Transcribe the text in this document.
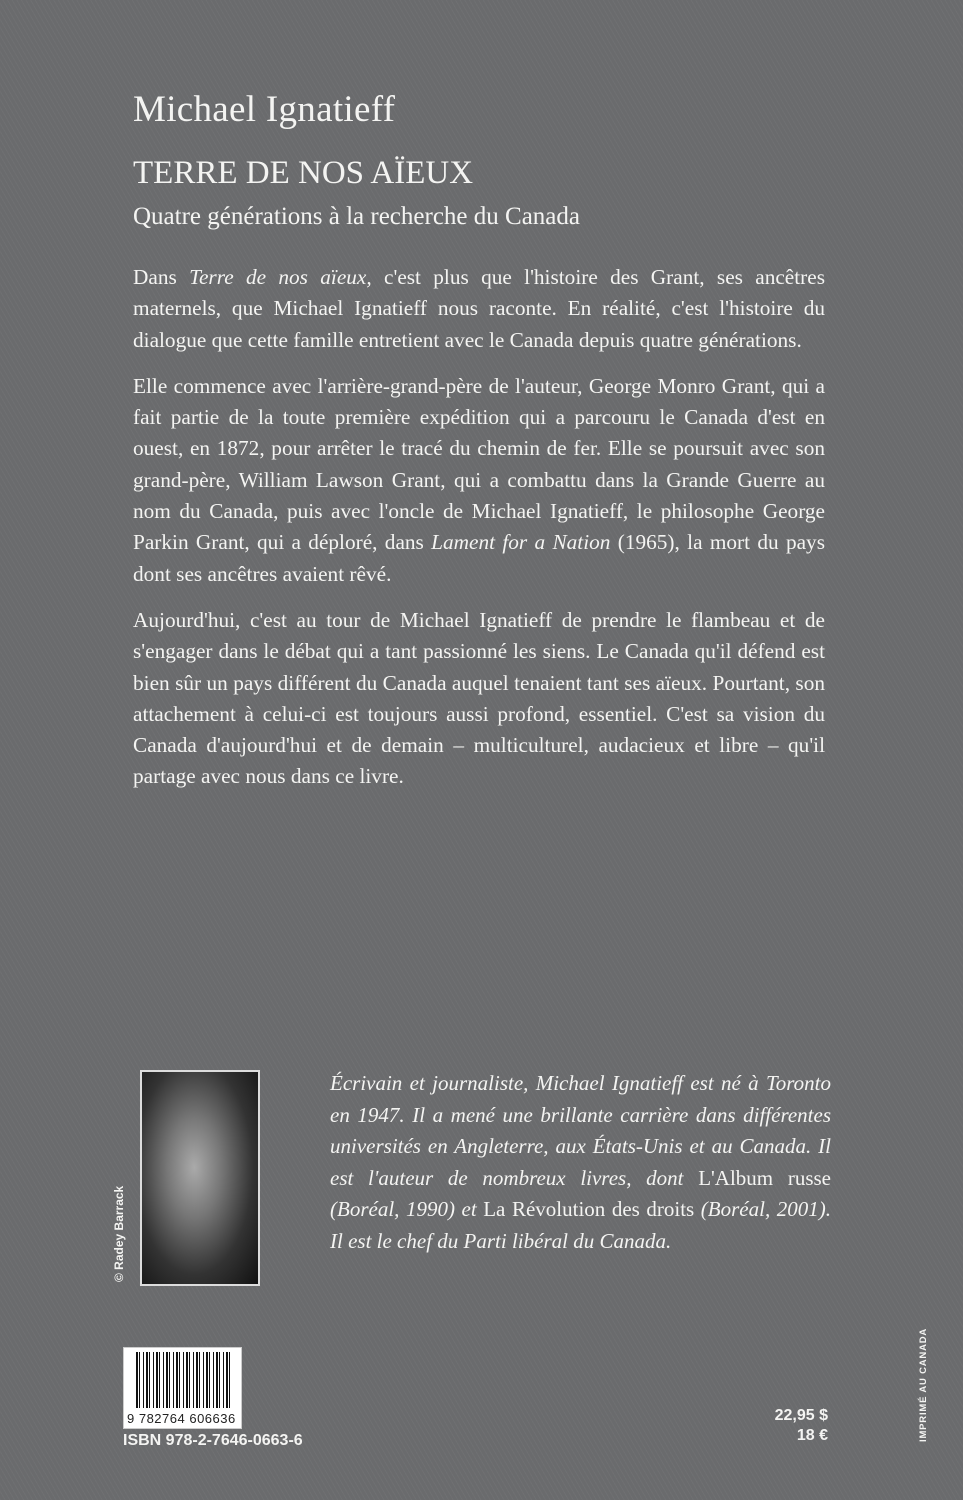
Michael Ignatieff
TERRE DE NOS AÏEUX
Quatre générations à la recherche du Canada

Dans Terre de nos aïeux, c'est plus que l'histoire des Grant, ses ancêtres maternels, que Michael Ignatieff nous raconte. En réalité, c'est l'histoire du dialogue que cette famille entretient avec le Canada depuis quatre générations.

Elle commence avec l'arrière-grand-père de l'auteur, George Monro Grant, qui a fait partie de la toute première expédition qui a parcouru le Canada d'est en ouest, en 1872, pour arrêter le tracé du chemin de fer. Elle se poursuit avec son grand-père, William Lawson Grant, qui a combattu dans la Grande Guerre au nom du Canada, puis avec l'oncle de Michael Ignatieff, le philosophe George Parkin Grant, qui a déploré, dans Lament for a Nation (1965), la mort du pays dont ses ancêtres avaient rêvé.

Aujourd'hui, c'est au tour de Michael Ignatieff de prendre le flambeau et de s'engager dans le débat qui a tant passionné les siens. Le Canada qu'il défend est bien sûr un pays différent du Canada auquel tenaient tant ses aïeux. Pourtant, son attachement à celui-ci est toujours aussi profond, essentiel. C'est sa vision du Canada d'aujourd'hui et de demain – multiculturel, audacieux et libre – qu'il partage avec nous dans ce livre.

© Radey Barrack
Écrivain et journaliste, Michael Ignatieff est né à Toronto en 1947. Il a mené une brillante carrière dans différentes universités en Angleterre, aux États-Unis et au Canada. Il est l'auteur de nombreux livres, dont L'Album russe (Boréal, 1990) et La Révolution des droits (Boréal, 2001). Il est le chef du Parti libéral du Canada.
9 782764 606636
ISBN 978-2-7646-0663-6
22,95 $
18 €	IMPRIMÉ AU CANADA
